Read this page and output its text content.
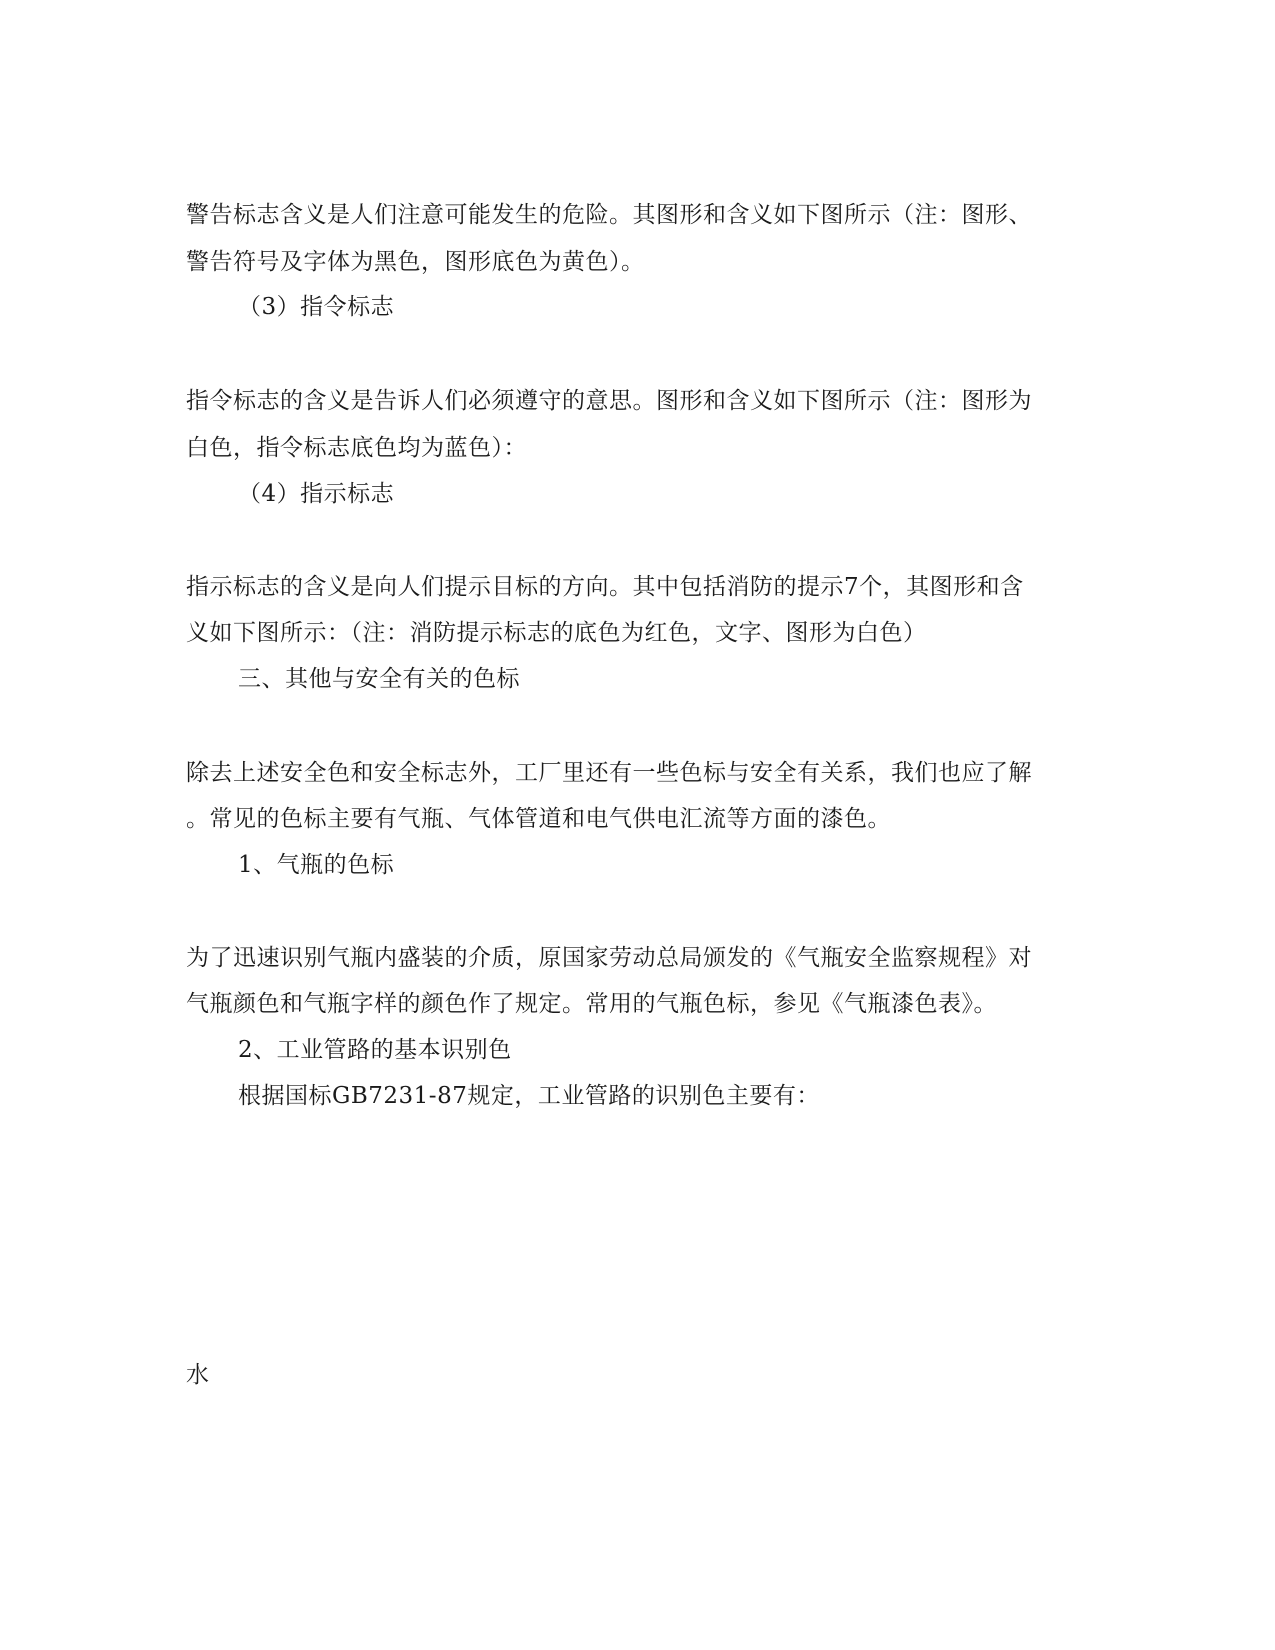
警告标志含义是人们注意可能发生的危险。其图形和含义如下图所示（注：图形、
警告符号及字体为黑色，图形底色为黄色）。
（3）指令标志
指令标志的含义是告诉人们必须遵守的意思。图形和含义如下图所示（注：图形为
白色，指令标志底色均为蓝色）：
（4）指示标志
指示标志的含义是向人们提示目标的方向。其中包括消防的提示7个，其图形和含
义如下图所示：（注：消防提示标志的底色为红色，文字、图形为白色）
三、其他与安全有关的色标
除去上述安全色和安全标志外，工厂里还有一些色标与安全有关系，我们也应了解
。常见的色标主要有气瓶、气体管道和电气供电汇流等方面的漆色。
1、气瓶的色标
为了迅速识别气瓶内盛装的介质，原国家劳动总局颁发的《气瓶安全监察规程》对
气瓶颜色和气瓶字样的颜色作了规定。常用的气瓶色标，参见《气瓶漆色表》。
2、工业管路的基本识别色
根据国标GB7231-87规定，工业管路的识别色主要有：
水
